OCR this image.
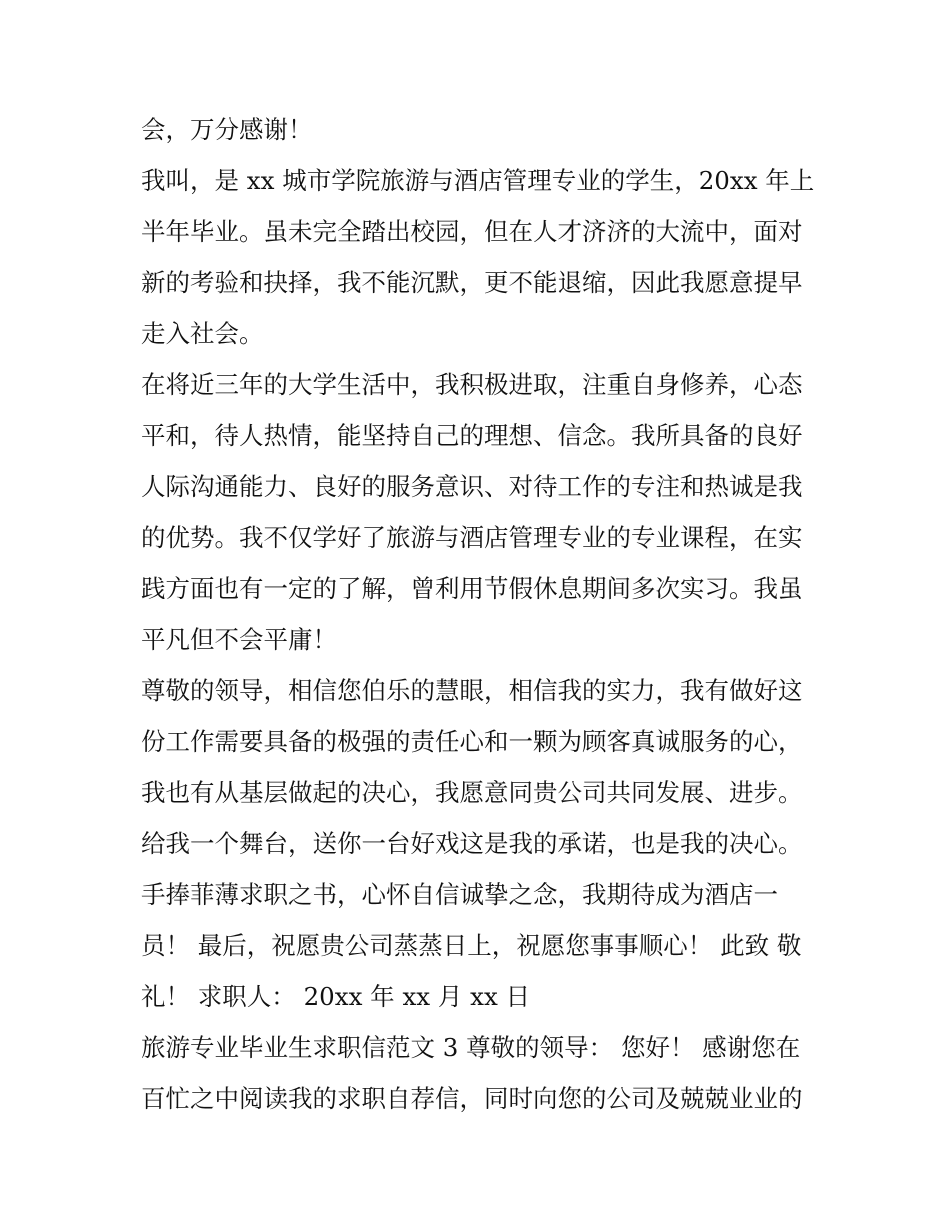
会，万分感谢！
我叫，是 xx 城市学院旅游与酒店管理专业的学生，20xx 年上
半年毕业。虽未完全踏出校园，但在人才济济的大流中，面对
新的考验和抉择，我不能沉默，更不能退缩，因此我愿意提早
走入社会。
在将近三年的大学生活中，我积极进取，注重自身修养，心态
平和，待人热情，能坚持自己的理想、信念。我所具备的良好
人际沟通能力、良好的服务意识、对待工作的专注和热诚是我
的优势。我不仅学好了旅游与酒店管理专业的专业课程，在实
践方面也有一定的了解，曾利用节假休息期间多次实习。我虽
平凡但不会平庸！
尊敬的领导，相信您伯乐的慧眼，相信我的实力，我有做好这
份工作需要具备的极强的责任心和一颗为顾客真诚服务的心，
我也有从基层做起的决心，我愿意同贵公司共同发展、进步。
给我一个舞台，送你一台好戏这是我的承诺，也是我的决心。
手捧菲薄求职之书，心怀自信诚挚之念，我期待成为酒店一
员！ 最后，祝愿贵公司蒸蒸日上，祝愿您事事顺心！ 此致 敬
礼！ 求职人： 20xx 年 xx 月 xx 日
旅游专业毕业生求职信范文 3 尊敬的领导： 您好！ 感谢您在
百忙之中阅读我的求职自荐信，同时向您的公司及兢兢业业的
